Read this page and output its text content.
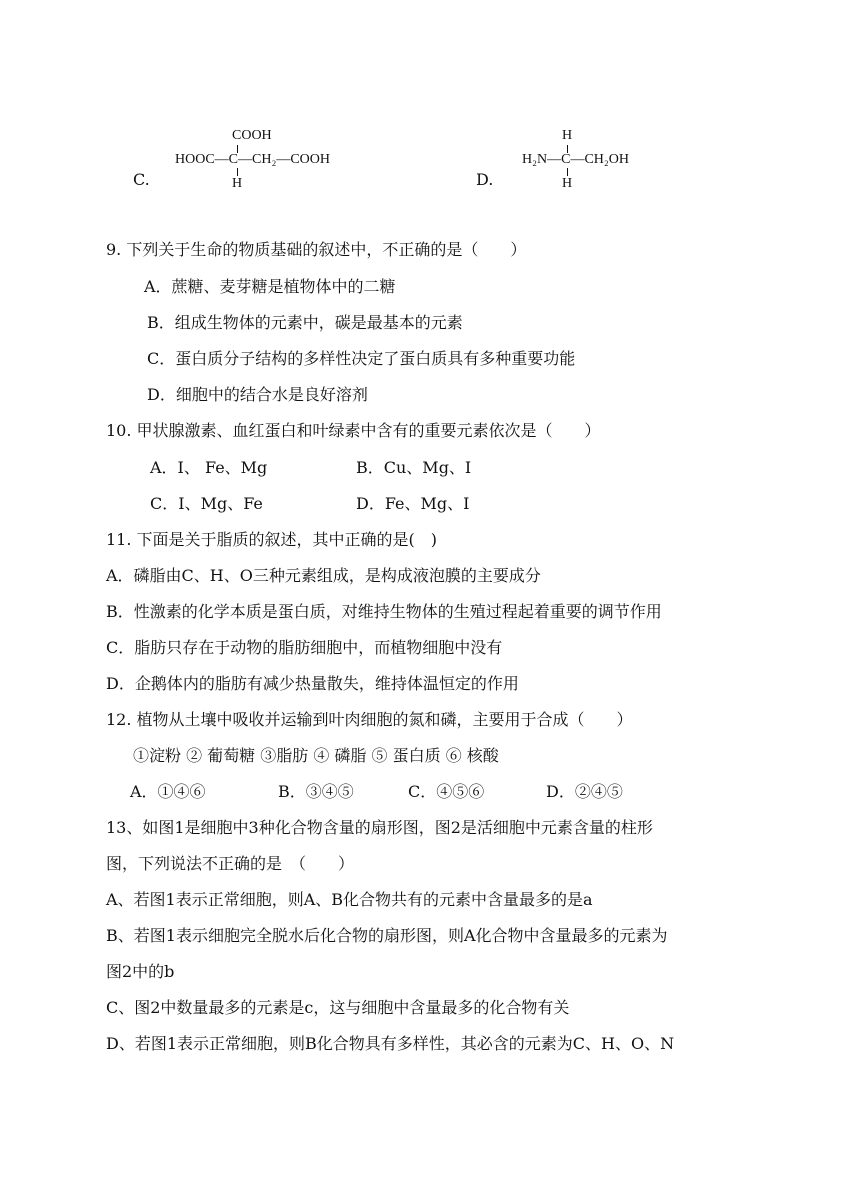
COOH
HOOC—C—CH₂—COOH
H
C.
H
H₂N—C—CH₂OH
H
D.
9. 下列关于生命的物质基础的叙述中，不正确的是（　　）
A．蔗糖、麦芽糖是植物体中的二糖
B．组成生物体的元素中，碳是最基本的元素
C．蛋白质分子结构的多样性决定了蛋白质具有多种重要功能
D．细胞中的结合水是良好溶剂
10. 甲状腺激素、血红蛋白和叶绿素中含有的重要元素依次是（　　）
A．I、 Fe、Mg	B．Cu、Mg、I
C．I、Mg、Fe	D．Fe、Mg、I
11. 下面是关于脂质的叙述，其中正确的是(　)
A．磷脂由C、H、O三种元素组成，是构成液泡膜的主要成分
B．性激素的化学本质是蛋白质，对维持生物体的生殖过程起着重要的调节作用
C．脂肪只存在于动物的脂肪细胞中，而植物细胞中没有
D．企鹅体内的脂肪有减少热量散失，维持体温恒定的作用
12. 植物从土壤中吸收并运输到叶肉细胞的氮和磷，主要用于合成（　　）
①淀粉 ② 葡萄糖 ③脂肪 ④ 磷脂 ⑤ 蛋白质 ⑥ 核酸
A．①④⑥	B．③④⑤	C．④⑤⑥	D．②④⑤
13、如图1是细胞中3种化合物含量的扇形图，图2是活细胞中元素含量的柱形
图，下列说法不正确的是　（　　）
A、若图1表示正常细胞，则A、B化合物共有的元素中含量最多的是a
B、若图1表示细胞完全脱水后化合物的扇形图，则A化合物中含量最多的元素为
图2中的b
C、图2中数量最多的元素是c，这与细胞中含量最多的化合物有关
D、若图1表示正常细胞，则B化合物具有多样性，其必含的元素为C、H、O、N
